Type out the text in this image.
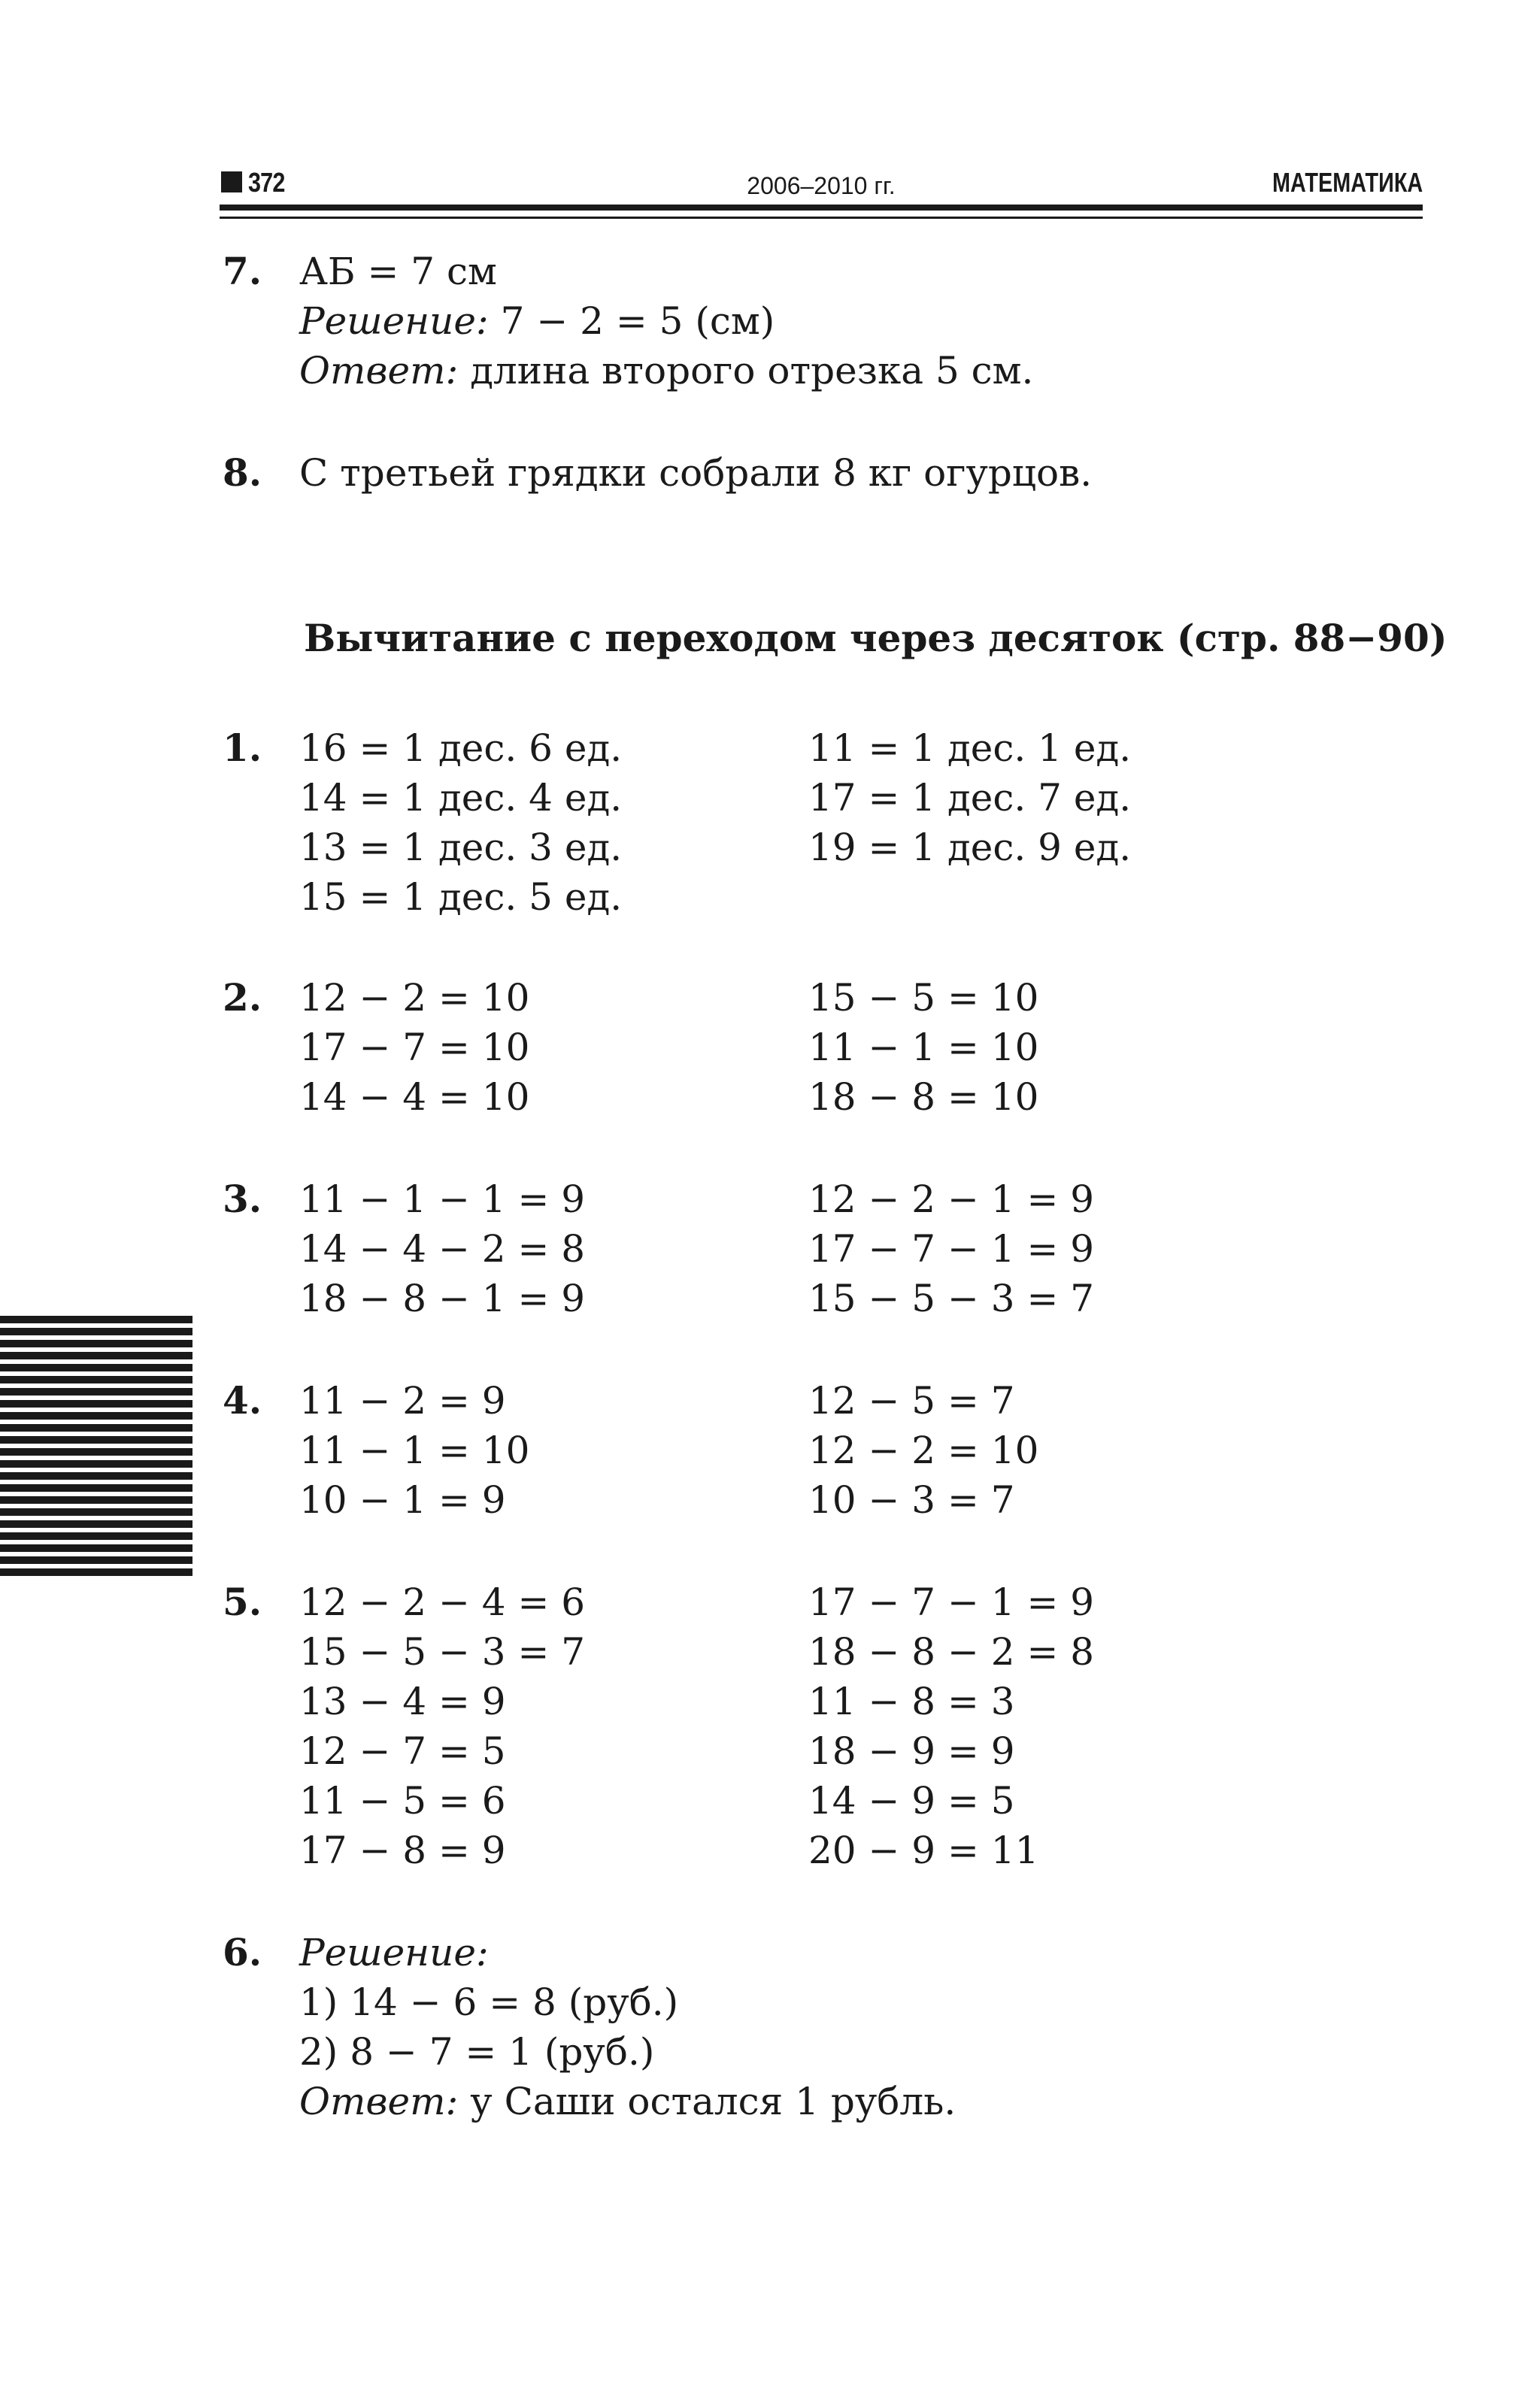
372	2006–2010 гг.	МАТЕМАТИКА
7. АБ = 7 см
Решение: 7 − 2 = 5 (см)
Ответ: длина второго отрезка 5 см.
8. С третьей грядки собрали 8 кг огурцов.
Вычитание с переходом через десяток (стр. 88−90)
1. 16 = 1 дес. 6 ед.
14 = 1 дес. 4 ед.
13 = 1 дес. 3 ед.
15 = 1 дес. 5 ед.
11 = 1 дес. 1 ед.
17 = 1 дес. 7 ед.
19 = 1 дес. 9 ед.
2. 12 − 2 = 10
17 − 7 = 10
14 − 4 = 10
15 − 5 = 10
11 − 1 = 10
18 − 8 = 10
3. 11 − 1 − 1 = 9
14 − 4 − 2 = 8
18 − 8 − 1 = 9
12 − 2 − 1 = 9
17 − 7 − 1 = 9
15 − 5 − 3 = 7
4. 11 − 2 = 9
11 − 1 = 10
10 − 1 = 9
12 − 5 = 7
12 − 2 = 10
10 − 3 = 7
5. 12 − 2 − 4 = 6
15 − 5 − 3 = 7
13 − 4 = 9
12 − 7 = 5
11 − 5 = 6
17 − 8 = 9
17 − 7 − 1 = 9
18 − 8 − 2 = 8
11 − 8 = 3
18 − 9 = 9
14 − 9 = 5
20 − 9 = 11
6. Решение:
1) 14 − 6 = 8 (руб.)
2) 8 − 7 = 1 (руб.)
Ответ: у Саши остался 1 рубль.
